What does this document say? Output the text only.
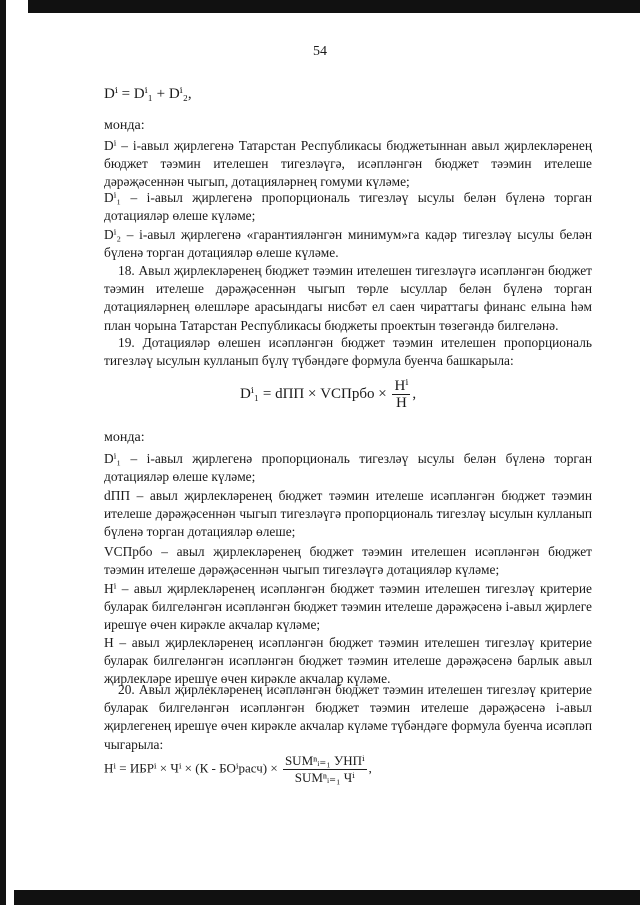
54
Dⁱ = Dⁱ₁ + Dⁱ₂,
монда:
Dⁱ – i-авыл җирлегенә Татарстан Республикасы бюджетыннан авыл җирлекләренең бюджет тәэмин ителешен тигезләүгә, исәпләнгән бюджет тәэмин ителеше дәрәҗәсеннән чыгып, дотацияләрнең гомуми күләме;
Dⁱ₁ – i-авыл җирлегенә пропорциональ тигезләү ысулы белән бүленә торган дотацияләр өлеше күләме;
Dⁱ₂ – i-авыл җирлегенә «гарантияләнгән минимум»га кадәр тигезләү ысулы белән бүленә торган дотацияләр өлеше күләме.
18. Авыл җирлекләренең бюджет тәэмин ителешен тигезләүгә исәпләнгән бюджет тәэмин ителеше дәрәҗәсеннән чыгып төрле ысуллар белән бүленә торган дотацияләрнең өлешләре арасындагы нисбәт ел саен чираттагы финанс елына һәм план чорына Татарстан Республикасы бюджеты проектын төзегәндә билгеләнә.
19. Дотацияләр өлешен исәпләнгән бюджет тәэмин ителешен пропорциональ тигезләү ысулын кулланып бүлү түбәндәге формула буенча башкарыла:
Dⁱ₁ = dПП × VСПрбо × $\frac{\text{Hⁱ}}{H}$ ,
монда:
Dⁱ₁ – i-авыл җирлегенә пропорциональ тигезләү ысулы белән бүленә торган дотацияләр өлеше күләме;
dПП – авыл җирлекләренең бюджет тәэмин ителеше исәпләнгән бюджет тәэмин ителеше дәрәҗәсеннән чыгып тигезләүгә пропорциональ тигезләү ысулын кулланып бүленә торган дотацияләр өлеше;
VСПрбо – авыл җирлекләренең бюджет тәэмин ителешен исәпләнгән бюджет тәэмин ителеше дәрәҗәсеннән чыгып тигезләүгә дотацияләр күләме;
Hⁱ – авыл җирлекләренең исәпләнгән бюджет тәэмин ителешен тигезләү критерие буларак билгеләнгән исәпләнгән бюджет тәэмин ителеше дәрәҗәсенә i-авыл җирлеге ирешүе өчен кирәкле акчалар күләме;
H – авыл җирлекләренең исәпләнгән бюджет тәэмин ителешен тигезләү критерие буларак билгеләнгән исәпләнгән бюджет тәэмин ителеше дәрәҗәсенә барлык авыл җирлекләре ирешүе өчен кирәкле акчалар күләме.
20. Авыл җирлекләренең исәпләнгән бюджет тәэмин ителешен тигезләү критерие буларак билгеләнгән исәпләнгән бюджет тәэмин ителеше дәрәҗәсенә i-авыл җирлегенең ирешүе өчен кирәкле акчалар күләме түбәндәге формула буенча исәпләп чыгарыла:
Hⁱ = ИБРⁱ × Чⁱ × (К - БОⁱрасч) × $\frac{\text{SUMⁿᵢ₌₁ УНПⁱ}}{\text{SUMⁿᵢ₌₁ Чⁱ}}$ ,
